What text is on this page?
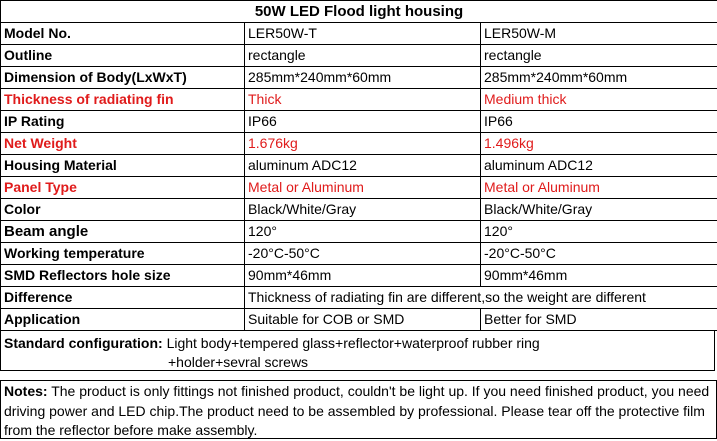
50W LED Flood light housing		
Model No.	LER50W-T	LER50W-M
Outline	rectangle	rectangle
Dimension of Body(LxWxT)	285mm*240mm*60mm	285mm*240mm*60mm
Thickness of radiating fin	Thick	Medium thick
IP Rating	IP66	IP66
Net Weight	1.676kg	1.496kg
Housing Material	aluminum ADC12	aluminum ADC12
Panel Type	Metal or Aluminum	Metal or Aluminum
Color	Black/White/Gray	Black/White/Gray
Beam angle	120°	120°
Working temperature	-20°C-50°C	-20°C-50°C
SMD Reflectors hole size	90mm*46mm	90mm*46mm
Difference	Thickness of radiating fin are different,so the weight are different	
Application	Suitable for COB or SMD	Better for SMD
Standard configuration: Light body+tempered glass+reflector+waterproof rubber ring
+holder+sevral screws
Notes: The product is only fittings not finished product, couldn't be light up. If you need finished product, you need driving power and LED chip.The product need to be assembled by professional. Please tear off the protective film from the reflector before make assembly.
